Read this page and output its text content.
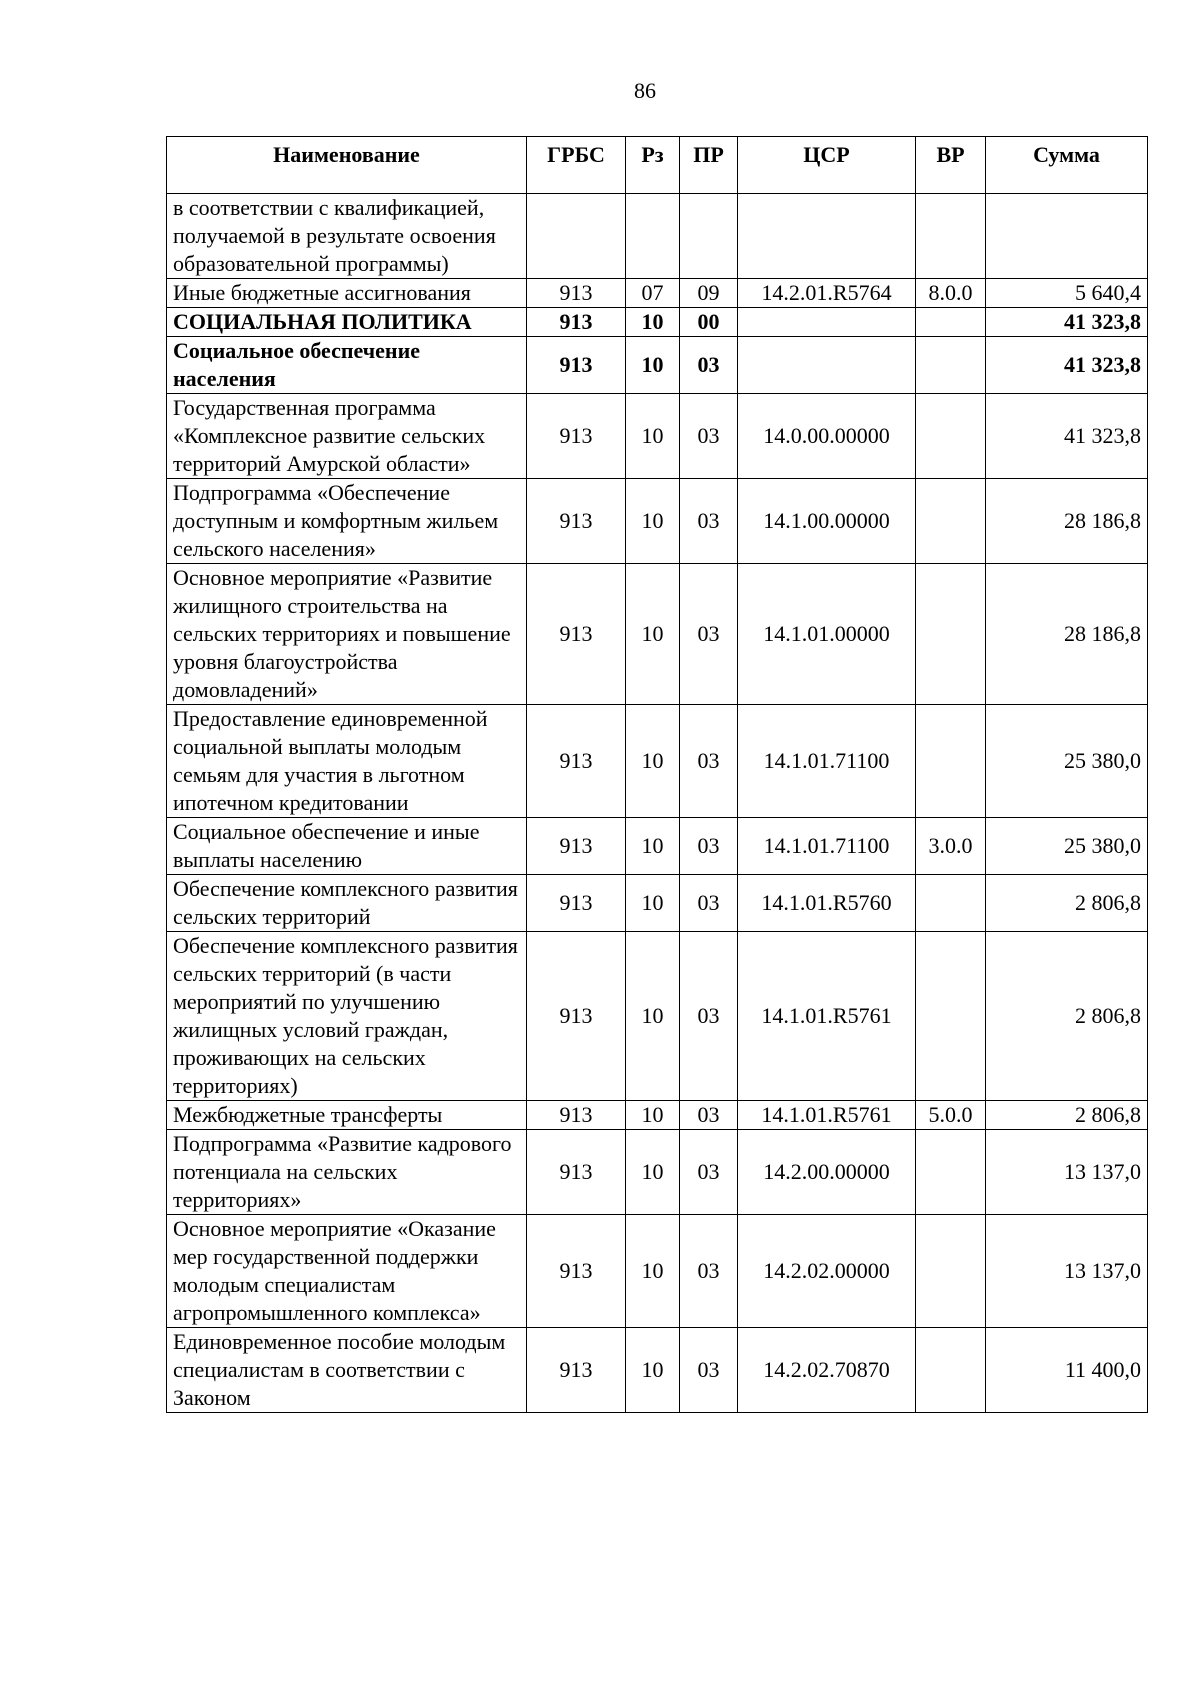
86
Наименование	ГРБС	Рз	ПР	ЦСР	ВР	Сумма
в соответствии с квалификацией, получаемой в результате освоения образовательной программы)						
Иные бюджетные ассигнования	913	07	09	14.2.01.R5764	8.0.0	5 640,4
СОЦИАЛЬНАЯ ПОЛИТИКА	913	10	00			41 323,8
Социальное обеспечение населения	913	10	03			41 323,8
Государственная программа «Комплексное развитие сельских территорий Амурской области»	913	10	03	14.0.00.00000		41 323,8
Подпрограмма «Обеспечение доступным и комфортным жильем сельского населения»	913	10	03	14.1.00.00000		28 186,8
Основное мероприятие «Развитие жилищного строительства на сельских территориях и повышение уровня благоустройства домовладений»	913	10	03	14.1.01.00000		28 186,8
Предоставление единовременной социальной выплаты молодым семьям для участия в льготном ипотечном кредитовании	913	10	03	14.1.01.71100		25 380,0
Социальное обеспечение и иные выплаты населению	913	10	03	14.1.01.71100	3.0.0	25 380,0
Обеспечение комплексного развития сельских территорий	913	10	03	14.1.01.R5760		2 806,8
Обеспечение комплексного развития сельских территорий (в части мероприятий по улучшению жилищных условий граждан, проживающих на сельских территориях)	913	10	03	14.1.01.R5761		2 806,8
Межбюджетные трансферты	913	10	03	14.1.01.R5761	5.0.0	2 806,8
Подпрограмма «Развитие кадрового потенциала на сельских территориях»	913	10	03	14.2.00.00000		13 137,0
Основное мероприятие «Оказание мер государственной поддержки молодым специалистам агропромышленного комплекса»	913	10	03	14.2.02.00000		13 137,0
Единовременное пособие молодым специалистам в соответствии с Законом	913	10	03	14.2.02.70870		11 400,0
